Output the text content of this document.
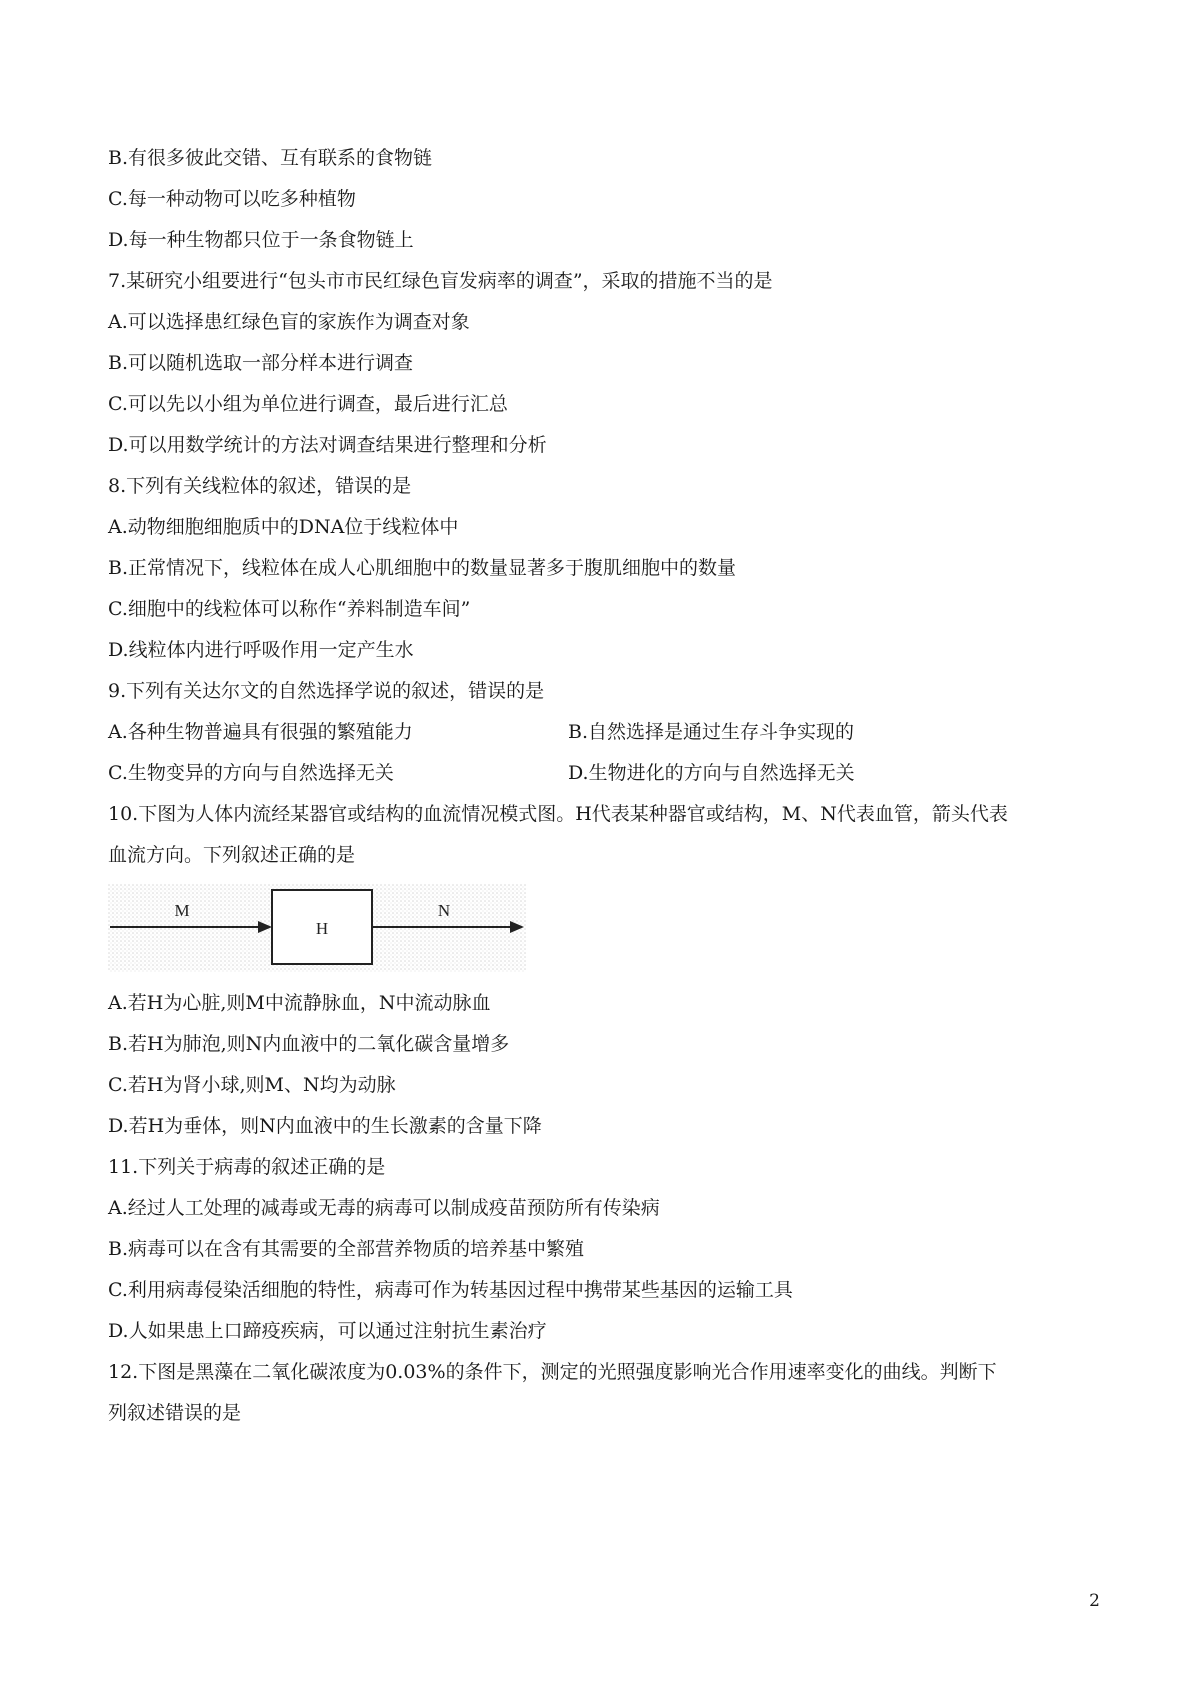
B.有很多彼此交错、互有联系的食物链
C.每一种动物可以吃多种植物
D.每一种生物都只位于一条食物链上
7.某研究小组要进行“包头市市民红绿色盲发病率的调查”，采取的措施不当的是
A.可以选择患红绿色盲的家族作为调查对象
B.可以随机选取一部分样本进行调查
C.可以先以小组为单位进行调查，最后进行汇总
D.可以用数学统计的方法对调查结果进行整理和分析
8.下列有关线粒体的叙述，错误的是
A.动物细胞细胞质中的DNA位于线粒体中
B.正常情况下，线粒体在成人心肌细胞中的数量显著多于腹肌细胞中的数量
C.细胞中的线粒体可以称作“养料制造车间”
D.线粒体内进行呼吸作用一定产生水
9.下列有关达尔文的自然选择学说的叙述，错误的是
A.各种生物普遍具有很强的繁殖能力	B.自然选择是通过生存斗争实现的
C.生物变异的方向与自然选择无关	D.生物进化的方向与自然选择无关
10.下图为人体内流经某器官或结构的血流情况模式图。H代表某种器官或结构，M、N代表血管，箭头代表
血流方向。下列叙述正确的是
M
H
N
A.若H为心脏,则M中流静脉血，N中流动脉血
B.若H为肺泡,则N内血液中的二氧化碳含量增多
C.若H为肾小球,则M、N均为动脉
D.若H为垂体，则N内血液中的生长激素的含量下降
11.下列关于病毒的叙述正确的是
A.经过人工处理的减毒或无毒的病毒可以制成疫苗预防所有传染病
B.病毒可以在含有其需要的全部营养物质的培养基中繁殖
C.利用病毒侵染活细胞的特性，病毒可作为转基因过程中携带某些基因的运输工具
D.人如果患上口蹄疫疾病，可以通过注射抗生素治疗
12.下图是黑藻在二氧化碳浓度为0.03%的条件下，测定的光照强度影响光合作用速率变化的曲线。判断下
列叙述错误的是
2
